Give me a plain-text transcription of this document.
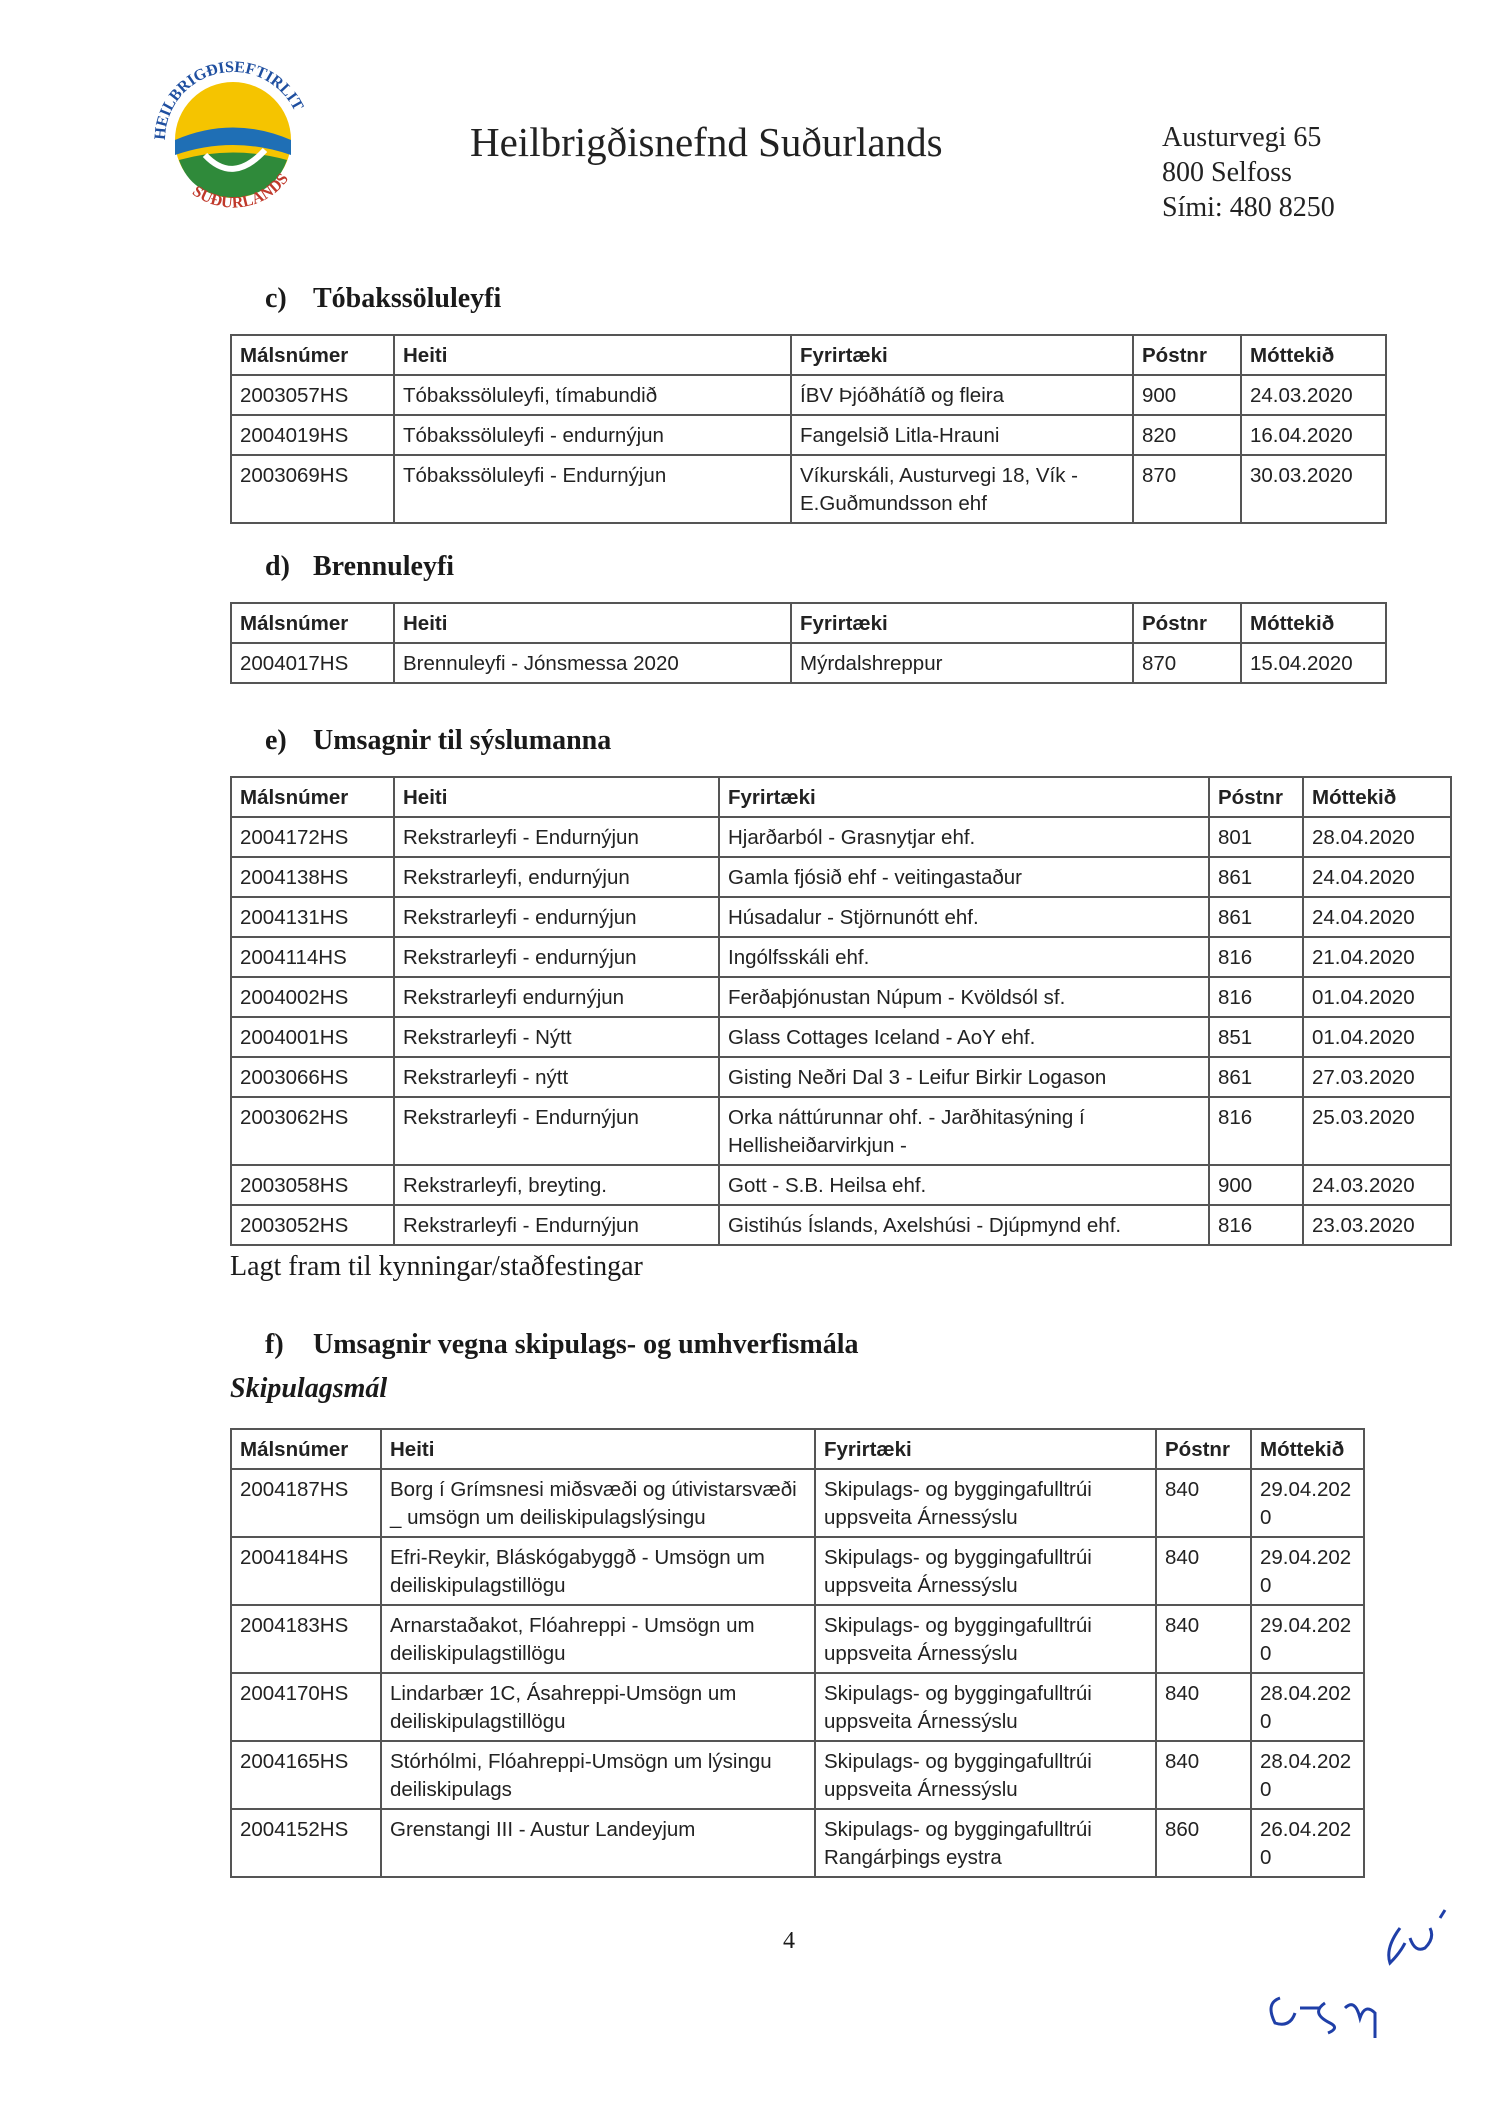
HEILBRIGÐISEFTIRLIT
SUÐURLANDS
Heilbrigðisnefnd Suðurlands	Austurvegi 65
800 Selfoss
Sími: 480 8250
c) Tóbakssöluleyfi
Málsnúmer	Heiti	Fyrirtæki	Póstnr	Móttekið
2003057HS	Tóbakssöluleyfi, tímabundið	ÍBV Þjóðhátíð og fleira	900	24.03.2020
2004019HS	Tóbakssöluleyfi - endurnýjun	Fangelsið Litla-Hrauni	820	16.04.2020
2003069HS	Tóbakssöluleyfi - Endurnýjun	Víkurskáli, Austurvegi 18, Vík - E.Guðmundsson ehf	870	30.03.2020
d) Brennuleyfi
Málsnúmer	Heiti	Fyrirtæki	Póstnr	Móttekið
2004017HS	Brennuleyfi - Jónsmessa 2020	Mýrdalshreppur	870	15.04.2020
e) Umsagnir til sýslumanna
Málsnúmer	Heiti	Fyrirtæki	Póstnr	Móttekið
2004172HS	Rekstrarleyfi - Endurnýjun	Hjarðarból - Grasnytjar ehf.	801	28.04.2020
2004138HS	Rekstrarleyfi, endurnýjun	Gamla fjósið ehf - veitingastaður	861	24.04.2020
2004131HS	Rekstrarleyfi - endurnýjun	Húsadalur - Stjörnunótt ehf.	861	24.04.2020
2004114HS	Rekstrarleyfi - endurnýjun	Ingólfsskáli ehf.	816	21.04.2020
2004002HS	Rekstrarleyfi endurnýjun	Ferðaþjónustan Núpum - Kvöldsól sf.	816	01.04.2020
2004001HS	Rekstrarleyfi - Nýtt	Glass Cottages Iceland - AoY ehf.	851	01.04.2020
2003066HS	Rekstrarleyfi - nýtt	Gisting Neðri Dal 3 - Leifur Birkir Logason	861	27.03.2020
2003062HS	Rekstrarleyfi - Endurnýjun	Orka náttúrunnar ohf. - Jarðhitasýning í Hellisheiðarvirkjun -	816	25.03.2020
2003058HS	Rekstrarleyfi, breyting.	Gott - S.B. Heilsa ehf.	900	24.03.2020
2003052HS	Rekstrarleyfi - Endurnýjun	Gistihús Íslands, Axelshúsi - Djúpmynd ehf.	816	23.03.2020
Lagt fram til kynningar/staðfestingar
f) Umsagnir vegna skipulags- og umhverfismála
Skipulagsmál
Málsnúmer	Heiti	Fyrirtæki	Póstnr	Móttekið
2004187HS	Borg í Grímsnesi miðsvæði og útivistarsvæði _ umsögn um deiliskipulagslýsingu	Skipulags- og byggingafulltrúi uppsveita Árnessýslu	840	29.04.2020
2004184HS	Efri-Reykir, Bláskógabyggð - Umsögn um deiliskipulagstillögu	Skipulags- og byggingafulltrúi uppsveita Árnessýslu	840	29.04.2020
2004183HS	Arnarstaðakot, Flóahreppi - Umsögn um deiliskipulagstillögu	Skipulags- og byggingafulltrúi uppsveita Árnessýslu	840	29.04.2020
2004170HS	Lindarbær 1C, Ásahreppi-Umsögn um deiliskipulagstillögu	Skipulags- og byggingafulltrúi uppsveita Árnessýslu	840	28.04.2020
2004165HS	Stórhólmi, Flóahreppi-Umsögn um lýsingu deiliskipulags	Skipulags- og byggingafulltrúi uppsveita Árnessýslu	840	28.04.2020
2004152HS	Grenstangi III - Austur Landeyjum	Skipulags- og byggingafulltrúi Rangárþings eystra	860	26.04.2020
4
